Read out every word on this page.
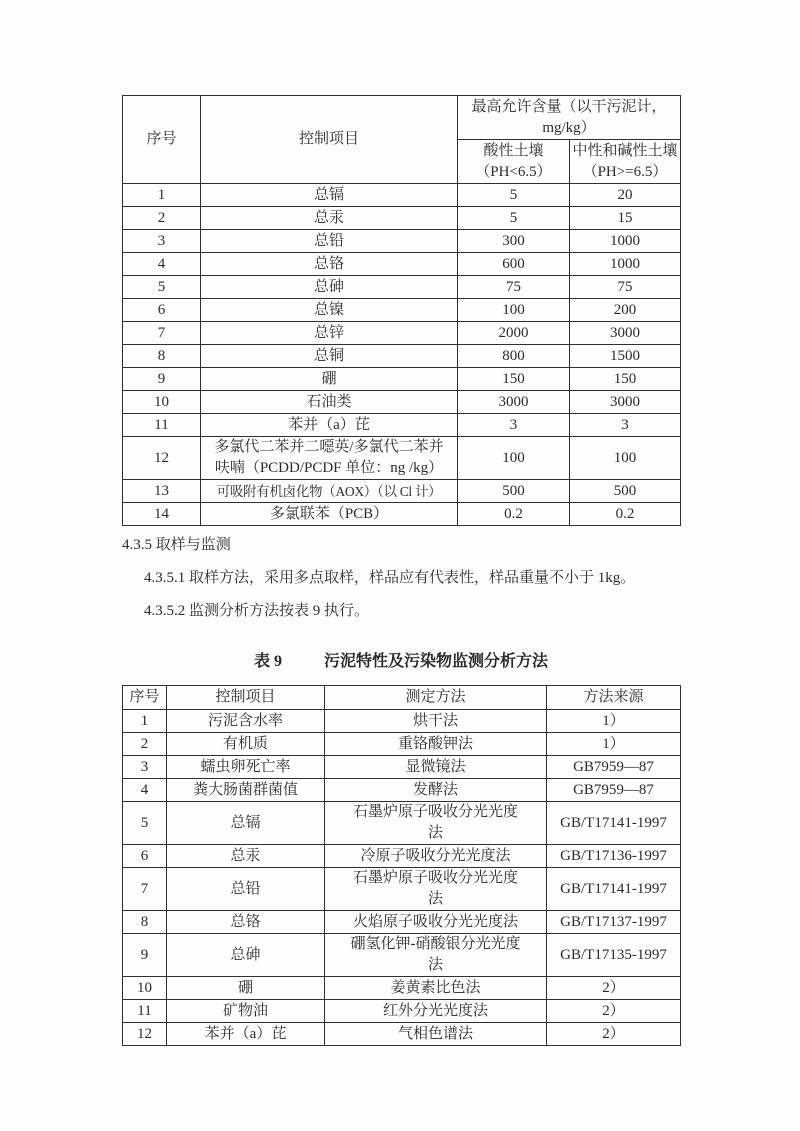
序号	控制项目	最高允许含量（以干污泥计，mg/kg）	
		酸性土壤（PH<6.5）	中性和碱性土壤（PH>=6.5）
1	总镉	5	20
2	总汞	5	15
3	总铅	300	1000
4	总铬	600	1000
5	总砷	75	75
6	总镍	100	200
7	总锌	2000	3000
8	总铜	800	1500
9	硼	150	150
10	石油类	3000	3000
11	苯并（a）芘	3	3
12	多氯代二苯并二噁英/多氯代二苯并呋喃（PCDD/PCDF 单位：ng /kg）	100	100
13	可吸附有机卤化物（AOX）（以 Cl 计）	500	500
14	多氯联苯（PCB）	0.2	0.2

4.3.5 取样与监测

4.3.5.1 取样方法，采用多点取样，样品应有代表性，样品重量不小于 1kg。

4.3.5.2 监测分析方法按表 9 执行。

表 9	污泥特性及污染物监测分析方法

序号	控制项目	测定方法	方法来源
1	污泥含水率	烘干法	1）
2	有机质	重铬酸钾法	1）
3	蠕虫卵死亡率	显微镜法	GB7959—87
4	粪大肠菌群菌值	发酵法	GB7959—87
5	总镉	石墨炉原子吸收分光光度法	GB/T17141-1997
6	总汞	冷原子吸收分光光度法	GB/T17136-1997
7	总铅	石墨炉原子吸收分光光度法	GB/T17141-1997
8	总铬	火焰原子吸收分光光度法	GB/T17137-1997
9	总砷	硼氢化钾-硝酸银分光光度法	GB/T17135-1997
10	硼	姜黄素比色法	2）
11	矿物油	红外分光光度法	2）
12	苯并（a）芘	气相色谱法	2）
